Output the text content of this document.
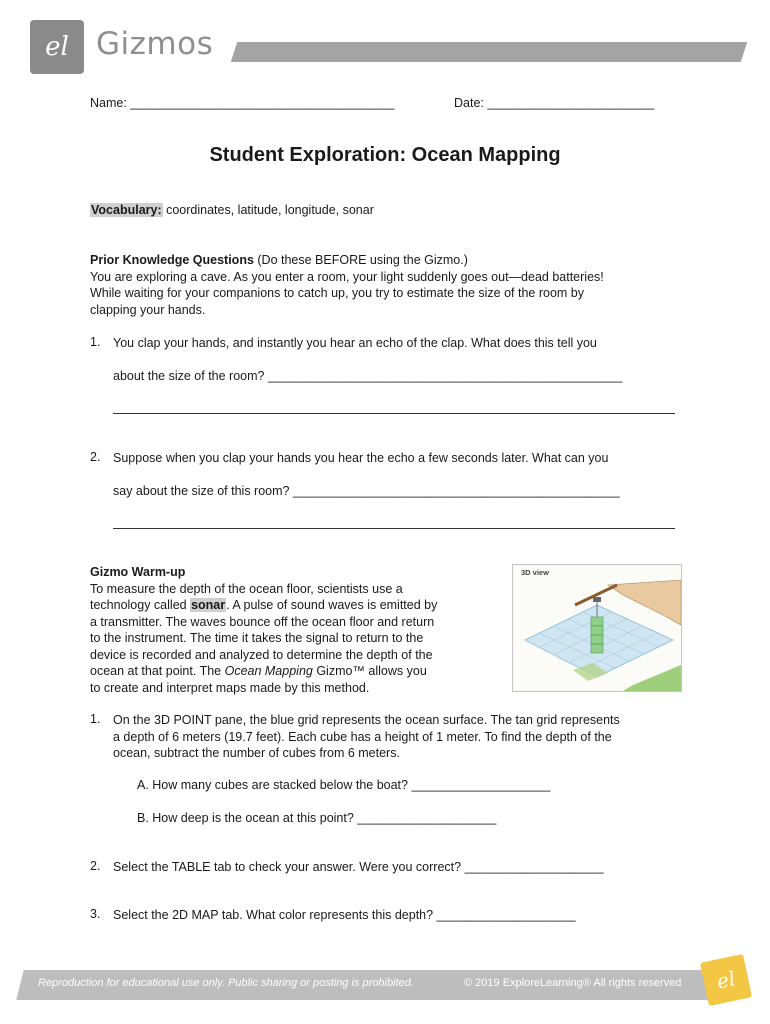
el Gizmos
Name: ______________________________________	Date: ________________________
Student Exploration: Ocean Mapping
Vocabulary: coordinates, latitude, longitude, sonar
Prior Knowledge Questions (Do these BEFORE using the Gizmo.)
You are exploring a cave. As you enter a room, your light suddenly goes out—dead batteries!
While waiting for your companions to catch up, you try to estimate the size of the room by
clapping your hands.
1. You clap your hands, and instantly you hear an echo of the clap. What does this tell you
about the size of the room? ___________________________________________________
2. Suppose when you clap your hands you hear the echo a few seconds later. What can you
say about the size of this room? _______________________________________________
Gizmo Warm-up
To measure the depth of the ocean floor, scientists use a
technology called sonar. A pulse of sound waves is emitted by
a transmitter. The waves bounce off the ocean floor and return
to the instrument. The time it takes the signal to return to the
device is recorded and analyzed to determine the depth of the
ocean at that point. The Ocean Mapping Gizmo™ allows you
to create and interpret maps made by this method.
3D view
1. On the 3D POINT pane, the blue grid represents the ocean surface. The tan grid represents
a depth of 6 meters (19.7 feet). Each cube has a height of 1 meter. To find the depth of the
ocean, subtract the number of cubes from 6 meters.
A. How many cubes are stacked below the boat? ____________________
B. How deep is the ocean at this point? ____________________
2. Select the TABLE tab to check your answer. Were you correct? ____________________
3. Select the 2D MAP tab. What color represents this depth? ____________________
Reproduction for educational use only. Public sharing or posting is prohibited.	© 2019 ExploreLearning® All rights reserved el
